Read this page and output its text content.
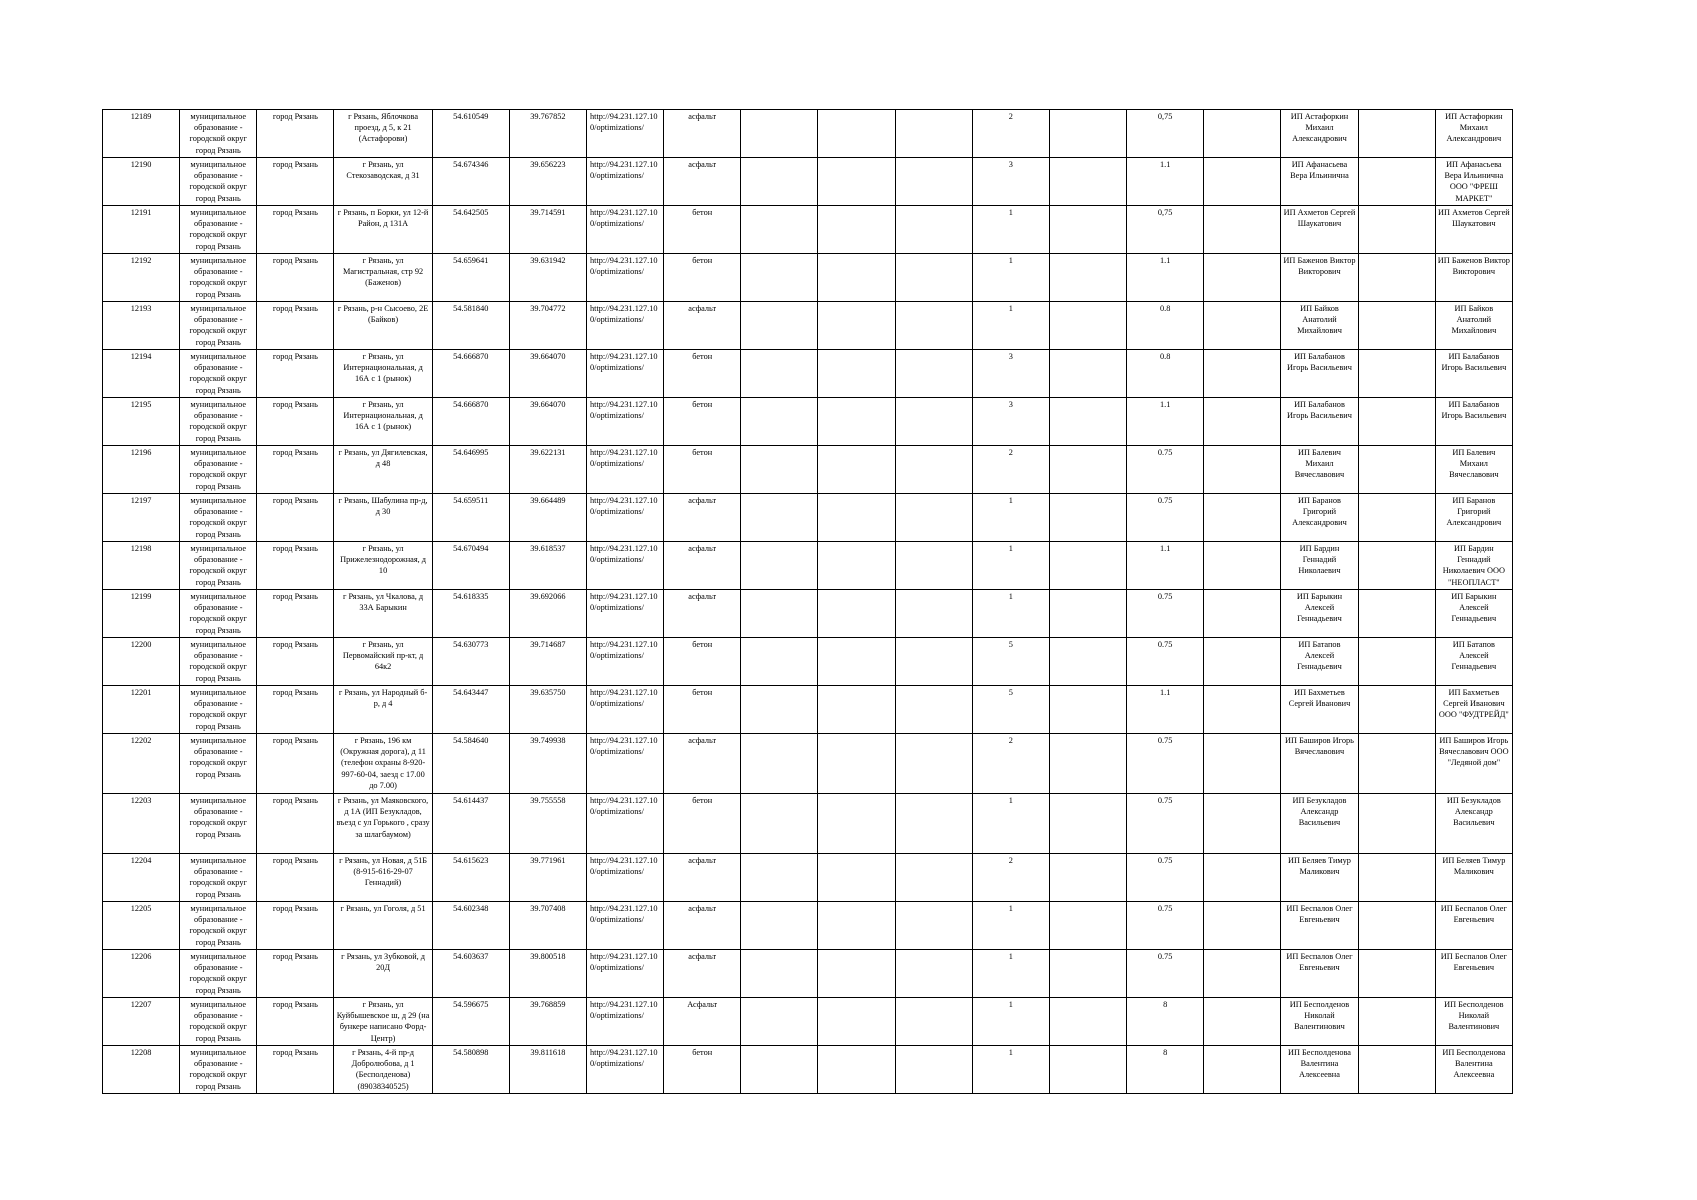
12189	муниципальное образование - городской округ город Рязань	город Рязань	г Рязань, Яблочкова проезд, д 5, к 21 (Астафорови)	54.610549	39.767852	http://94.231.127.10 0/optimizations/	асфальт				2		0,75		ИП Астафоркин Михаил Александрович		ИП Астафоркин Михаил Александрович
12190	муниципальное образование - городской округ город Рязань	город Рязань	г Рязань, ул Стекозаводская, д 31	54.674346	39.656223	http://94.231.127.10 0/optimizations/	асфальт				3		1.1		ИП Афанасьева Вера Ильинична		ИП Афанасьева Вера Ильинична ООО "ФРЕШ МАРКЕТ"
12191	муниципальное образование - городской округ город Рязань	город Рязань	г Рязань, п Борки, ул 12-й Район, д 131А	54.642505	39.714591	http://94.231.127.10 0/optimizations/	бетон				1		0,75		ИП Ахметов Сергей Шаукатович		ИП Ахметов Сергей Шаукатович
12192	муниципальное образование - городской округ город Рязань	город Рязань	г Рязань, ул Магистральная, стр 92 (Баженов)	54.659641	39.631942	http://94.231.127.10 0/optimizations/	бетон				1		1.1		ИП Баженов Виктор Викторович		ИП Баженов Виктор Викторович
12193	муниципальное образование - городской округ город Рязань	город Рязань	г Рязань, р-н Сысоево, 2Е (Байков)	54.581840	39.704772	http://94.231.127.10 0/optimizations/	асфальт				1		0.8		ИП Байков Анатолий Михайлович		ИП Байков Анатолий Михайлович
12194	муниципальное образование - городской округ город Рязань	город Рязань	г Рязань, ул Интернациональная, д 16А с 1 (рынок)	54.666870	39.664070	http://94.231.127.10 0/optimizations/	бетон				3		0.8		ИП Балабанов Игорь Васильевич		ИП Балабанов Игорь Васильевич
12195	муниципальное образование - городской округ город Рязань	город Рязань	г Рязань, ул Интернациональная, д 16А с 1 (рынок)	54.666870	39.664070	http://94.231.127.10 0/optimizations/	бетон				3		1.1		ИП Балабанов Игорь Васильевич		ИП Балабанов Игорь Васильевич
12196	муниципальное образование - городской округ город Рязань	город Рязань	г Рязань, ул Дягилевская, д 48	54.646995	39.622131	http://94.231.127.10 0/optimizations/	бетон				2		0.75		ИП Балевич Михаил Вячеславович		ИП Балевич Михаил Вячеславович
12197	муниципальное образование - городской округ город Рязань	город Рязань	г Рязань, Шабулина пр-д, д 30	54.659511	39.664489	http://94.231.127.10 0/optimizations/	асфальт				1		0.75		ИП Баранов Григорий Александрович		ИП Баранов Григорий Александрович
12198	муниципальное образование - городской округ город Рязань	город Рязань	г Рязань, ул Прижелезнодорожная, д 10	54.670494	39.618537	http://94.231.127.10 0/optimizations/	асфальт				1		1.1		ИП Бардин Геннадий Николаевич		ИП Бардин Геннадий Николаевич ООО "НЕОПЛАСТ"
12199	муниципальное образование - городской округ город Рязань	город Рязань	г Рязань, ул Чкалова, д 33А Барыкин	54.618335	39.692066	http://94.231.127.10 0/optimizations/	асфальт				1		0.75		ИП Барыкин Алексей Геннадьевич		ИП Барыкин Алексей Геннадьевич
12200	муниципальное образование - городской округ город Рязань	город Рязань	г Рязань, ул Первомайский пр-кт, д 64к2	54.630773	39.714687	http://94.231.127.10 0/optimizations/	бетон				5		0.75		ИП Батапов Алексей Геннадьевич		ИП Батапов Алексей Геннадьевич
12201	муниципальное образование - городской округ город Рязань	город Рязань	г Рязань, ул Народный б-р, д 4	54.643447	39.635750	http://94.231.127.10 0/optimizations/	бетон				5		1.1		ИП Бахметьев Сергей Иванович		ИП Бахметьев Сергей Иванович ООО "ФУДТРЕЙД"
12202	муниципальное образование - городской округ город Рязань	город Рязань	г Рязань, 196 км (Окружная дорога), д 11 (телефон охраны 8-920-997-60-04, заезд с 17.00 до 7.00)	54.584640	39.749938	http://94.231.127.10 0/optimizations/	асфальт				2		0.75		ИП Баширов Игорь Вячеславович		ИП Баширов Игорь Вячеславович ООО "Ледяной дом"
12203	муниципальное образование - городской округ город Рязань	город Рязань	г Рязань, ул Маяковского, д 1А (ИП Безукладов, въезд с ул Горького , сразу за шлагбаумом)	54.614437	39.755558	http://94.231.127.10 0/optimizations/	бетон				1		0.75		ИП Безукладов Александр Васильевич		ИП Безукладов Александр Васильевич
12204	муниципальное образование - городской округ город Рязань	город Рязань	г Рязань, ул Новая, д 51Б (8-915-616-29-07 Геннадий)	54.615623	39.771961	http://94.231.127.10 0/optimizations/	асфальт				2		0.75		ИП Беляев Тимур Маликович		ИП Беляев Тимур Маликович
12205	муниципальное образование - городской округ город Рязань	город Рязань	г Рязань, ул Гоголя, д 51	54.602348	39.707408	http://94.231.127.10 0/optimizations/	асфальт				1		0.75		ИП Беспалов Олег Евгеньевич		ИП Беспалов Олег Евгеньевич
12206	муниципальное образование - городской округ город Рязань	город Рязань	г Рязань, ул Зубковой, д 20Д	54.603637	39.800518	http://94.231.127.10 0/optimizations/	асфальт				1		0.75		ИП Беспалов Олег Евгеньевич		ИП Беспалов Олег Евгеньевич
12207	муниципальное образование - городской округ город Рязань	город Рязань	г Рязань, ул Куйбышевское ш, д 29 (на бункере написано Форд-Центр)	54.596675	39.768859	http://94.231.127.10 0/optimizations/	Асфальт				1		8		ИП Бесполденов Николай Валентинович		ИП Бесполденов Николай Валентинович
12208	муниципальное образование - городской округ город Рязань	город Рязань	г Рязань, 4-й пр-д Добролюбова, д 1 (Бесполденова) (89038340525)	54.580898	39.811618	http://94.231.127.10 0/optimizations/	бетон				1		8		ИП Бесполденова Валентина Алексеевна		ИП Бесполденова Валентина Алексеевна
